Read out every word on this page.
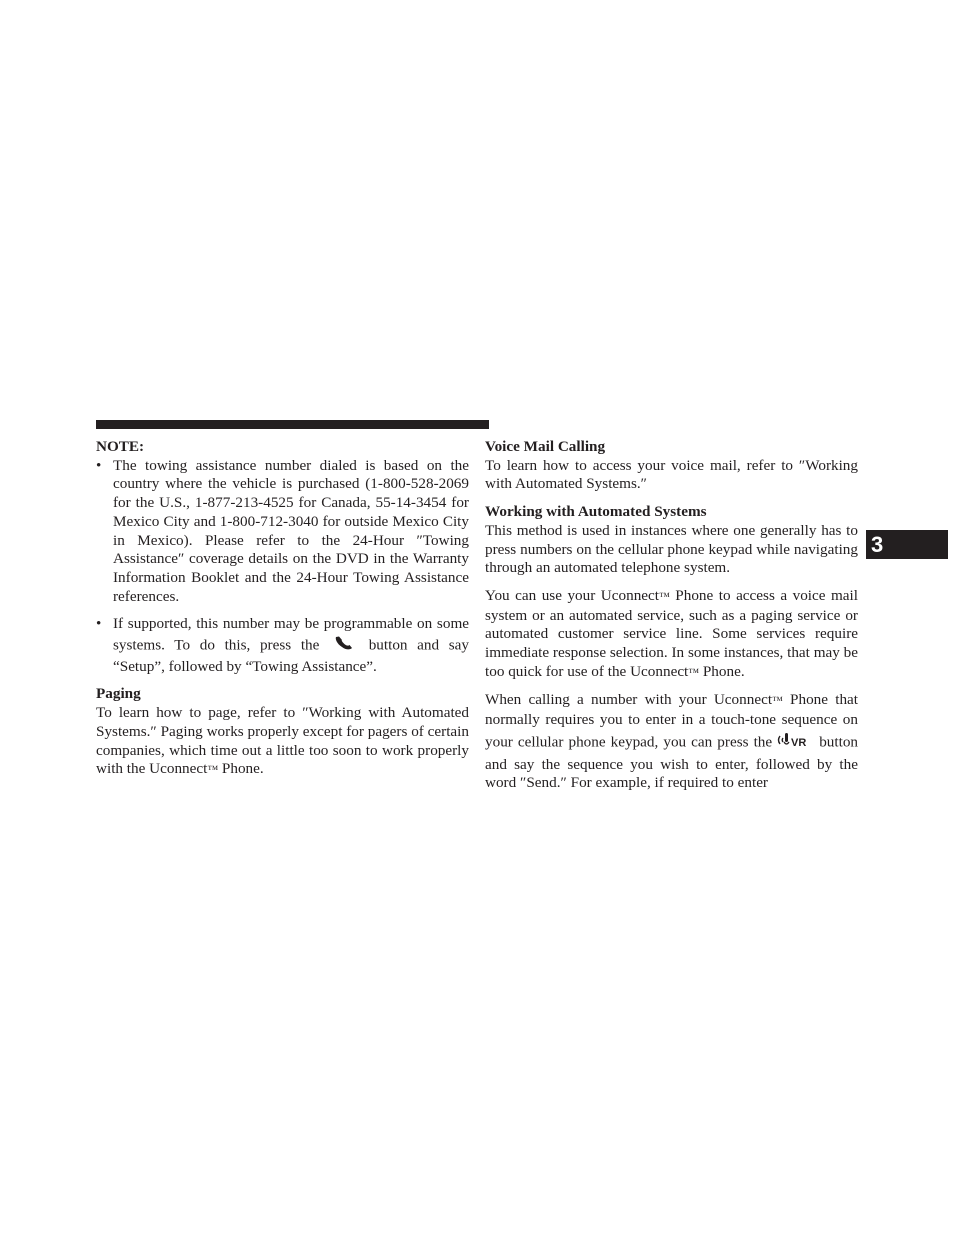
3
NOTE:
• The towing assistance number dialed is based on the country where the vehicle is purchased (1-800-528-2069 for the U.S., 1-877-213-4525 for Canada, 55-14-3454 for Mexico City and 1-800-712-3040 for outside Mexico City in Mexico). Please refer to the 24-Hour ″Towing Assistance″ coverage details on the DVD in the Warranty Information Booklet and the 24-Hour Towing Assistance references.
• If supported, this number may be programmable on some systems. To do this, press the	button and say “Setup”, followed by “Towing Assistance”.
Paging

To learn how to page, refer to ″Working with Automated Systems.″ Paging works properly except for pagers of certain companies, which time out a little too soon to work properly with the Uconnect™ Phone.

Voice Mail Calling

To learn how to access your voice mail, refer to ″Working with Automated Systems.″

Working with Automated Systems

This method is used in instances where one generally has to press numbers on the cellular phone keypad while navigating through an automated telephone system.

You can use your Uconnect™ Phone to access a voice mail system or an automated service, such as a paging service or automated customer service line. Some services require immediate response selection. In some instances, that may be too quick for use of the Uconnect™ Phone.

When calling a number with your Uconnect™ Phone that normally requires you to enter in a touch-tone sequence on your cellular phone keypad, you can press the VR button and say the sequence you wish to enter, followed by the word ″Send.″ For example, if required to enter
